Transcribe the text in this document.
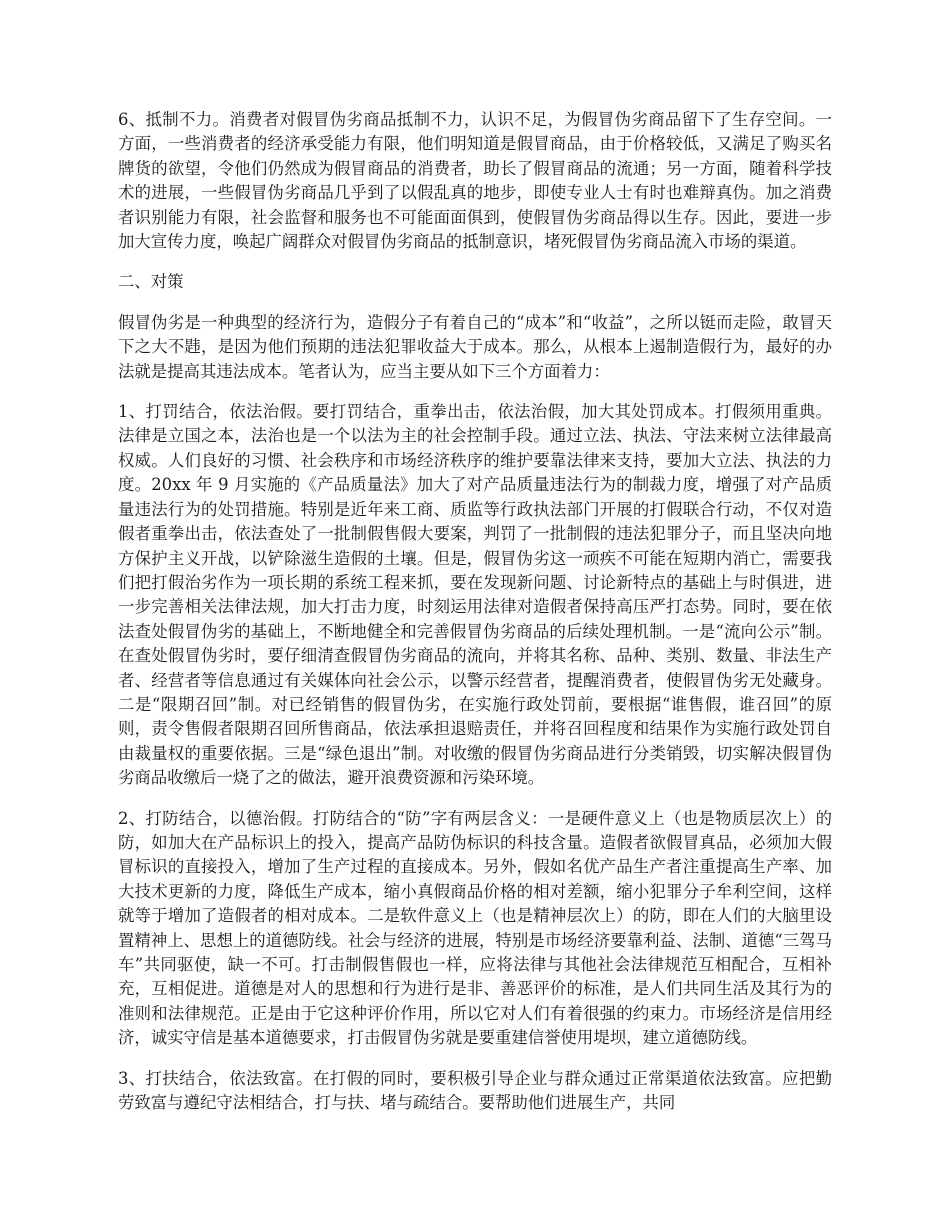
6、抵制不力。消费者对假冒伪劣商品抵制不力，认识不足，为假冒伪劣商品留下了生存空间。一方面，一些消费者的经济承受能力有限，他们明知道是假冒商品，由于价格较低，又满足了购买名牌货的欲望，令他们仍然成为假冒商品的消费者，助长了假冒商品的流通；另一方面，随着科学技术的进展，一些假冒伪劣商品几乎到了以假乱真的地步，即使专业人士有时也难辩真伪。加之消费者识别能力有限，社会监督和服务也不可能面面俱到，使假冒伪劣商品得以生存。因此，要进一步加大宣传力度，唤起广阔群众对假冒伪劣商品的抵制意识，堵死假冒伪劣商品流入市场的渠道。

二、对策

假冒伪劣是一种典型的经济行为，造假分子有着自己的“成本”和“收益”，之所以铤而走险，敢冒天下之大不韪，是因为他们预期的违法犯罪收益大于成本。那么，从根本上遏制造假行为，最好的办法就是提高其违法成本。笔者认为，应当主要从如下三个方面着力：

1、打罚结合，依法治假。要打罚结合，重拳出击，依法治假，加大其处罚成本。打假须用重典。法律是立国之本，法治也是一个以法为主的社会控制手段。通过立法、执法、守法来树立法律最高权威。人们良好的习惯、社会秩序和市场经济秩序的维护要靠法律来支持，要加大立法、执法的力度。20xx 年 9 月实施的《产品质量法》加大了对产品质量违法行为的制裁力度，增强了对产品质量违法行为的处罚措施。特别是近年来工商、质监等行政执法部门开展的打假联合行动，不仅对造假者重拳出击，依法查处了一批制假售假大要案，判罚了一批制假的违法犯罪分子，而且坚决向地方保护主义开战，以铲除滋生造假的土壤。但是，假冒伪劣这一顽疾不可能在短期内消亡，需要我们把打假治劣作为一项长期的系统工程来抓，要在发现新问题、讨论新特点的基础上与时俱进，进一步完善相关法律法规，加大打击力度，时刻运用法律对造假者保持高压严打态势。同时，要在依法查处假冒伪劣的基础上，不断地健全和完善假冒伪劣商品的后续处理机制。一是“流向公示”制。在查处假冒伪劣时，要仔细清查假冒伪劣商品的流向，并将其名称、品种、类别、数量、非法生产者、经营者等信息通过有关媒体向社会公示，以警示经营者，提醒消费者，使假冒伪劣无处藏身。二是“限期召回”制。对已经销售的假冒伪劣，在实施行政处罚前，要根据“谁售假，谁召回”的原则，责令售假者限期召回所售商品，依法承担退赔责任，并将召回程度和结果作为实施行政处罚自由裁量权的重要依据。三是“绿色退出”制。对收缴的假冒伪劣商品进行分类销毁，切实解决假冒伪劣商品收缴后一烧了之的做法，避开浪费资源和污染环境。

2、打防结合，以德治假。打防结合的“防”字有两层含义：一是硬件意义上（也是物质层次上）的防，如加大在产品标识上的投入，提高产品防伪标识的科技含量。造假者欲假冒真品，必须加大假冒标识的直接投入，增加了生产过程的直接成本。另外，假如名优产品生产者注重提高生产率、加大技术更新的力度，降低生产成本，缩小真假商品价格的相对差额，缩小犯罪分子牟利空间，这样就等于增加了造假者的相对成本。二是软件意义上（也是精神层次上）的防，即在人们的大脑里设置精神上、思想上的道德防线。社会与经济的进展，特别是市场经济要靠利益、法制、道德“三驾马车”共同驱使，缺一不可。打击制假售假也一样，应将法律与其他社会法律规范互相配合，互相补充，互相促进。道德是对人的思想和行为进行是非、善恶评价的标准，是人们共同生活及其行为的准则和法律规范。正是由于它这种评价作用，所以它对人们有着很强的约束力。市场经济是信用经济，诚实守信是基本道德要求，打击假冒伪劣就是要重建信誉使用堤坝，建立道德防线。

3、打扶结合，依法致富。在打假的同时，要积极引导企业与群众通过正常渠道依法致富。应把勤劳致富与遵纪守法相结合，打与扶、堵与疏结合。要帮助他们进展生产，共同
